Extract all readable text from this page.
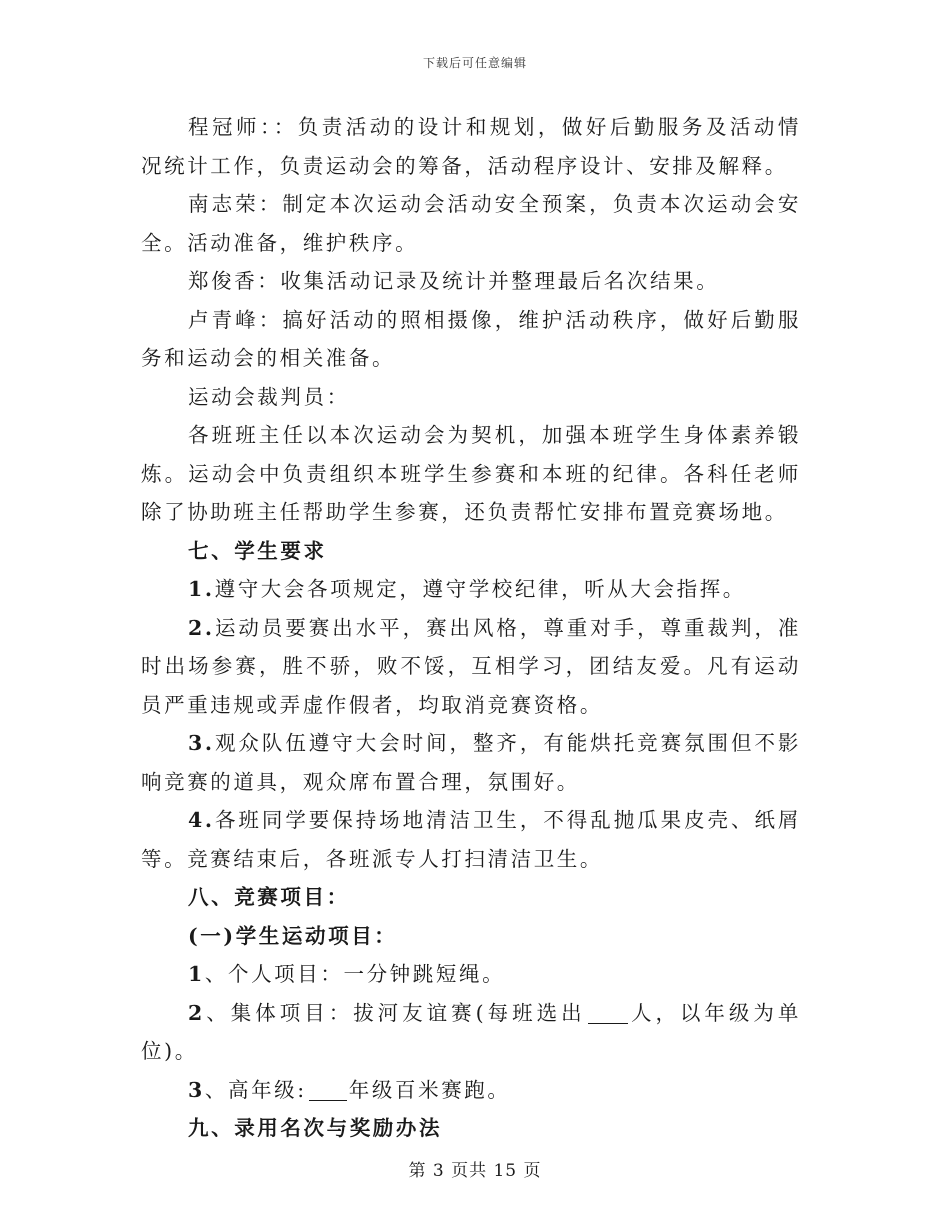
下载后可任意编辑

程冠师：：负责活动的设计和规划，做好后勤服务及活动情况统计工作，负责运动会的筹备，活动程序设计、安排及解释。

南志荣：制定本次运动会活动安全预案，负责本次运动会安全。活动准备，维护秩序。

郑俊香：收集活动记录及统计并整理最后名次结果。

卢青峰：搞好活动的照相摄像，维护活动秩序，做好后勤服务和运动会的相关准备。

运动会裁判员：

各班班主任以本次运动会为契机，加强本班学生身体素养锻炼。运动会中负责组织本班学生参赛和本班的纪律。各科任老师除了协助班主任帮助学生参赛，还负责帮忙安排布置竞赛场地。

七、学生要求

1.遵守大会各项规定，遵守学校纪律，听从大会指挥。

2.运动员要赛出水平，赛出风格，尊重对手，尊重裁判，准时出场参赛，胜不骄，败不馁，互相学习，团结友爱。凡有运动员严重违规或弄虚作假者，均取消竞赛资格。

3.观众队伍遵守大会时间，整齐，有能烘托竞赛氛围但不影响竞赛的道具，观众席布置合理，氛围好。

4.各班同学要保持场地清洁卫生，不得乱抛瓜果皮壳、纸屑等。竞赛结束后，各班派专人打扫清洁卫生。

八、竞赛项目：

(一)学生运动项目：

1、个人项目：一分钟跳短绳。

2、集体项目：拔河友谊赛(每班选出 人，以年级为单位)。

3、高年级: 年级百米赛跑。

九、录用名次与奖励办法

第 3 页共 15 页
